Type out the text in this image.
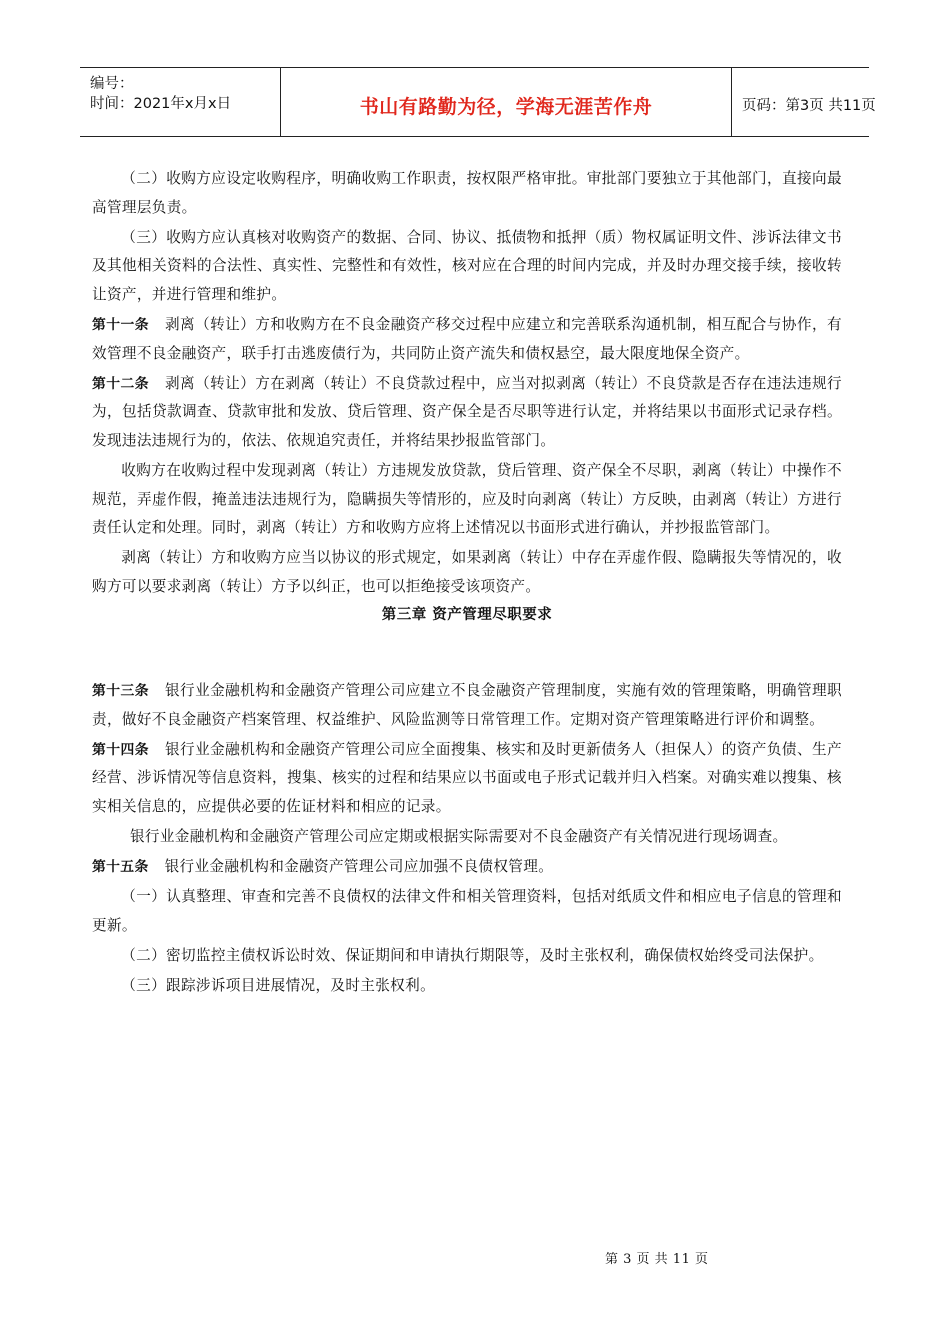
编号：
时间：2021年x月x日	书山有路勤为径，学海无涯苦作舟	页码：第3页 共11页
（二）收购方应设定收购程序，明确收购工作职责，按权限严格审批。审批部门要独立于其他部门，直接向最高管理层负责。
（三）收购方应认真核对收购资产的数据、合同、协议、抵债物和抵押（质）物权属证明文件、涉诉法律文书及其他相关资料的合法性、真实性、完整性和有效性，核对应在合理的时间内完成，并及时办理交接手续，接收转让资产，并进行管理和维护。
第十一条 剥离（转让）方和收购方在不良金融资产移交过程中应建立和完善联系沟通机制，相互配合与协作，有效管理不良金融资产，联手打击逃废债行为，共同防止资产流失和债权悬空，最大限度地保全资产。
第十二条 剥离（转让）方在剥离（转让）不良贷款过程中，应当对拟剥离（转让）不良贷款是否存在违法违规行为，包括贷款调查、贷款审批和发放、贷后管理、资产保全是否尽职等进行认定，并将结果以书面形式记录存档。发现违法违规行为的，依法、依规追究责任，并将结果抄报监管部门。
收购方在收购过程中发现剥离（转让）方违规发放贷款，贷后管理、资产保全不尽职，剥离（转让）中操作不规范，弄虚作假，掩盖违法违规行为，隐瞒损失等情形的，应及时向剥离（转让）方反映，由剥离（转让）方进行责任认定和处理。同时，剥离（转让）方和收购方应将上述情况以书面形式进行确认，并抄报监管部门。
剥离（转让）方和收购方应当以协议的形式规定，如果剥离（转让）中存在弄虚作假、隐瞒报失等情况的，收购方可以要求剥离（转让）方予以纠正，也可以拒绝接受该项资产。
第三章 资产管理尽职要求
第十三条 银行业金融机构和金融资产管理公司应建立不良金融资产管理制度，实施有效的管理策略，明确管理职责，做好不良金融资产档案管理、权益维护、风险监测等日常管理工作。定期对资产管理策略进行评价和调整。
第十四条 银行业金融机构和金融资产管理公司应全面搜集、核实和及时更新债务人（担保人）的资产负债、生产经营、涉诉情况等信息资料，搜集、核实的过程和结果应以书面或电子形式记载并归入档案。对确实难以搜集、核实相关信息的，应提供必要的佐证材料和相应的记录。
银行业金融机构和金融资产管理公司应定期或根据实际需要对不良金融资产有关情况进行现场调查。
第十五条 银行业金融机构和金融资产管理公司应加强不良债权管理。
（一）认真整理、审查和完善不良债权的法律文件和相关管理资料，包括对纸质文件和相应电子信息的管理和更新。
（二）密切监控主债权诉讼时效、保证期间和申请执行期限等，及时主张权利，确保债权始终受司法保护。
（三）跟踪涉诉项目进展情况，及时主张权利。
第 3 页 共 11 页
